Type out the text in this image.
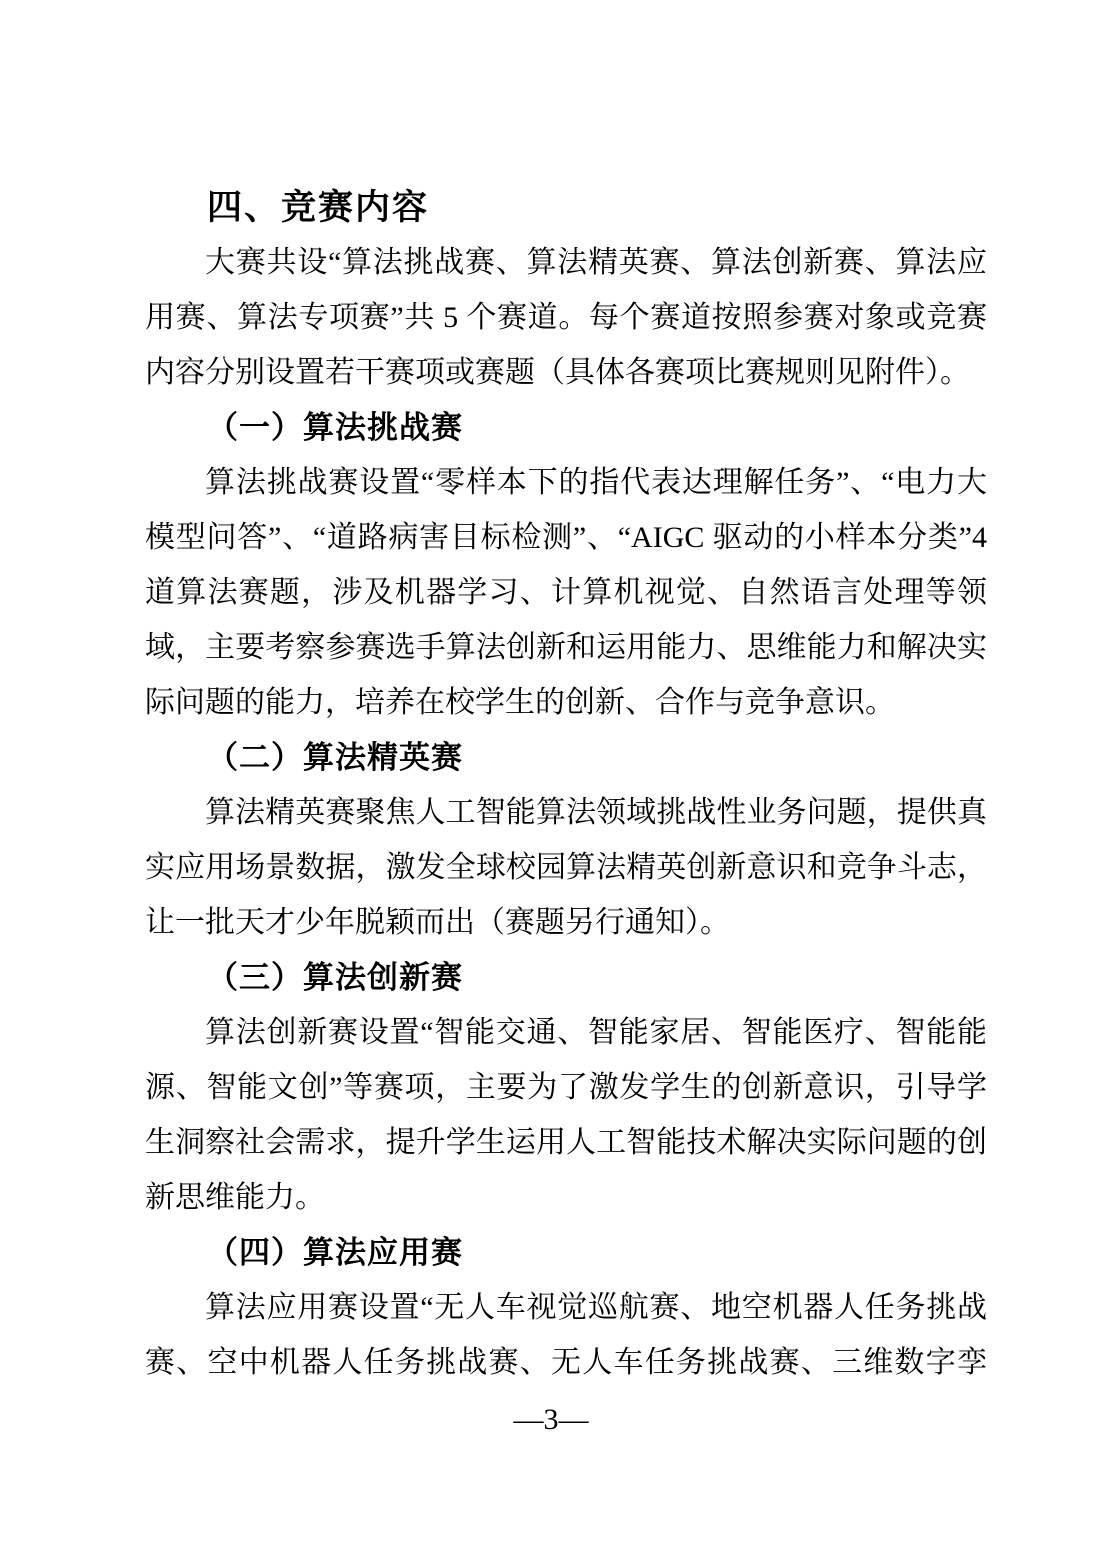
四、竞赛内容

大赛共设“算法挑战赛、算法精英赛、算法创新赛、算法应用赛、算法专项赛”共 5 个赛道。每个赛道按照参赛对象或竞赛内容分别设置若干赛项或赛题（具体各赛项比赛规则见附件）。

（一）算法挑战赛

算法挑战赛设置“零样本下的指代表达理解任务”、“电力大模型问答”、“道路病害目标检测”、“AIGC 驱动的小样本分类”4 道算法赛题，涉及机器学习、计算机视觉、自然语言处理等领域，主要考察参赛选手算法创新和运用能力、思维能力和解决实际问题的能力，培养在校学生的创新、合作与竞争意识。

（二）算法精英赛

算法精英赛聚焦人工智能算法领域挑战性业务问题，提供真实应用场景数据，激发全球校园算法精英创新意识和竞争斗志，让一批天才少年脱颖而出（赛题另行通知）。

（三）算法创新赛

算法创新赛设置“智能交通、智能家居、智能医疗、智能能源、智能文创”等赛项，主要为了激发学生的创新意识，引导学生洞察社会需求，提升学生运用人工智能技术解决实际问题的创新思维能力。

（四）算法应用赛

算法应用赛设置“无人车视觉巡航赛、地空机器人任务挑战赛、空中机器人任务挑战赛、无人车任务挑战赛、三维数字孪

—3—
